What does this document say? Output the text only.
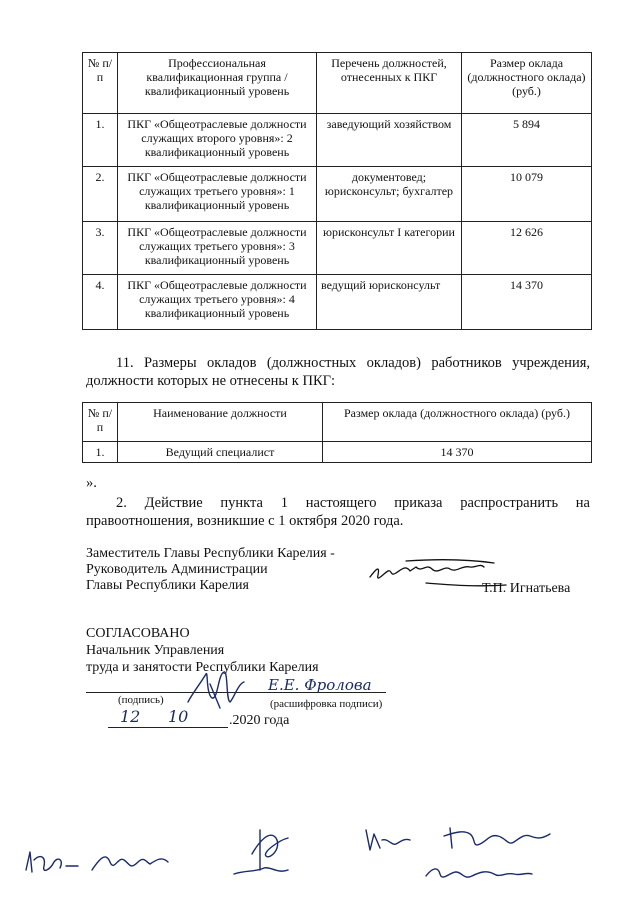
№ п/п	Профессиональная квалификационная группа / квалификационный уровень	Перечень должностей, отнесенных к ПКГ	Размер оклада (должностного оклада) (руб.)
1.	ПКГ «Общеотраслевые должности служащих второго уровня»: 2 квалификационный уровень	заведующий хозяйством	5 894
2.	ПКГ «Общеотраслевые должности служащих третьего уровня»: 1 квалификационный уровень	документовед; юрисконсульт; бухгалтер	10 079
3.	ПКГ «Общеотраслевые должности служащих третьего уровня»: 3 квалификационный уровень	юрисконсульт I категории	12 626
4.	ПКГ «Общеотраслевые должности служащих третьего уровня»: 4 квалификационный уровень	ведущий юрисконсульт	14 370
11. Размеры окладов (должностных окладов) работников учреждения, должности которых не отнесены к ПКГ:
№ п/п	Наименование должности	Размер оклада (должностного оклада) (руб.)
1.	Ведущий специалист	14 370
».
2. Действие пункта 1 настоящего приказа распространить на правоотношения, возникшие с 1 октября 2020 года.
Заместитель Главы Республики Карелия -
Руководитель Администрации
Главы Республики Карелия	Т.П. Игнатьева
СОГЛАСОВАНО
Начальник Управления
труда и занятости Республики Карелия
Е.Е. Фролова
(подпись)	(расшифровка подписи)
12 10	.2020 года
